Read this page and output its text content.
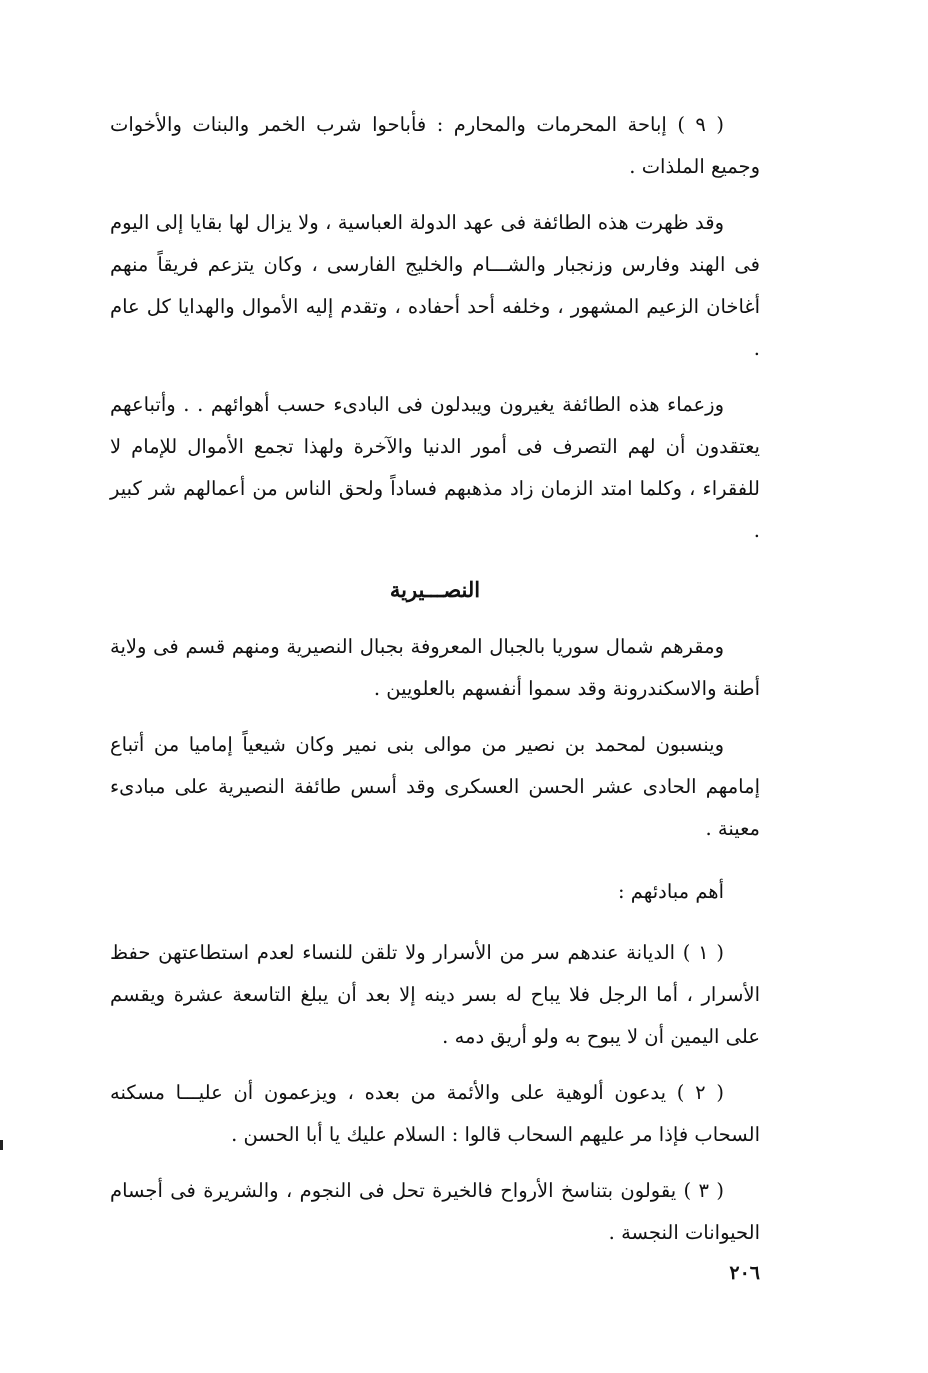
( ٩ ) إباحة المحرمات والمحارم : فأباحوا شرب الخمر والبنات والأخوات وجميع الملذات .

وقد ظهرت هذه الطائفة فى عهد الدولة العباسية ، ولا يزال لها بقايا إلى اليوم فى الهند وفارس وزنجبار والشـــام والخليج الفارسى ، وكان يتزعم فريقاً منهم أغاخان الزعيم المشهور ، وخلفه أحد أحفاده ، وتقدم إليه الأموال والهدايا كل عام .

وزعماء هذه الطائفة يغيرون ويبدلون فى البادىء حسب أهوائهم . . وأتباعهم يعتقدون أن لهم التصرف فى أمور الدنيا والآخرة ولهذا تجمع الأموال للإمام لا للفقراء ، وكلما امتد الزمان زاد مذهبهم فساداً ولحق الناس من أعمالهم شر كبير .

النصـــيرية

ومقرهم شمال سوريا بالجبال المعروفة بجبال النصيرية ومنهم قسم فى ولاية أطنة والاسكندرونة وقد سموا أنفسهم بالعلويين .

وينسبون لمحمد بن نصير من موالى بنى نمير وكان شيعياً إماميا من أتباع إمامهم الحادى عشر الحسن العسكرى وقد أسس طائفة النصيرية على مبادىء معينة .

أهم مبادئهم :

( ١ ) الديانة عندهم سر من الأسرار ولا تلقن للنساء لعدم استطاعتهن حفظ الأسرار ، أما الرجل فلا يباح له بسر دينه إلا بعد أن يبلغ التاسعة عشرة ويقسم على اليمين أن لا يبوح به ولو أريق دمه .

( ٢ ) يدعون ألوهية على والأئمة من بعده ، ويزعمون أن عليـــا مسكنه السحاب فإذا مر عليهم السحاب قالوا : السلام عليك يا أبا الحسن .

( ٣ ) يقولون بتناسخ الأرواح فالخيرة تحل فى النجوم ، والشريرة فى أجسام الحيوانات النجسة .

٢٠٦
